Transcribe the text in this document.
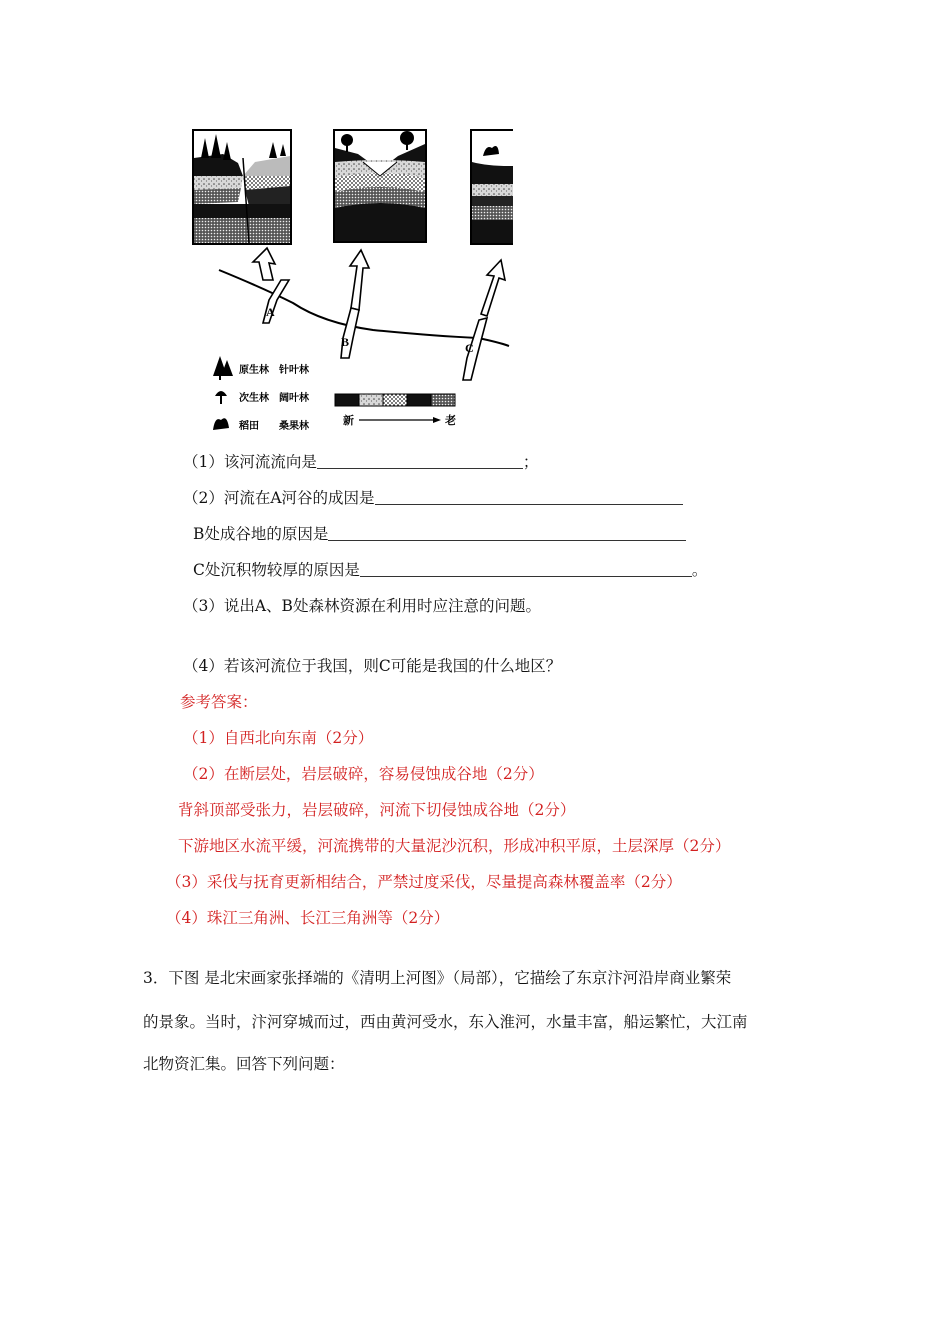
A
B	C
原生林 针叶林
次生林 阔叶林
稻田 桑果林	新	老
（1）该河流流向是	；
（2）河流在A河谷的成因是
B处成谷地的原因是
C处沉积物较厚的原因是	。
（3）说出A、B处森林资源在利用时应注意的问题。
（4）若该河流位于我国，则C可能是我国的什么地区？
参考答案：
（1）自西北向东南（2分）
（2）在断层处，岩层破碎，容易侵蚀成谷地（2分）
背斜顶部受张力，岩层破碎，河流下切侵蚀成谷地（2分）
下游地区水流平缓，河流携带的大量泥沙沉积，形成冲积平原，土层深厚（2分）
（3）采伐与抚育更新相结合，严禁过度采伐，尽量提高森林覆盖率（2分）
（4）珠江三角洲、长江三角洲等（2分）
3．下图 是北宋画家张择端的《清明上河图》（局部），它描绘了东京汴河沿岸商业繁荣
的景象。当时，汴河穿城而过，西由黄河受水，东入淮河，水量丰富，船运繁忙，大江南
北物资汇集。回答下列问题：
